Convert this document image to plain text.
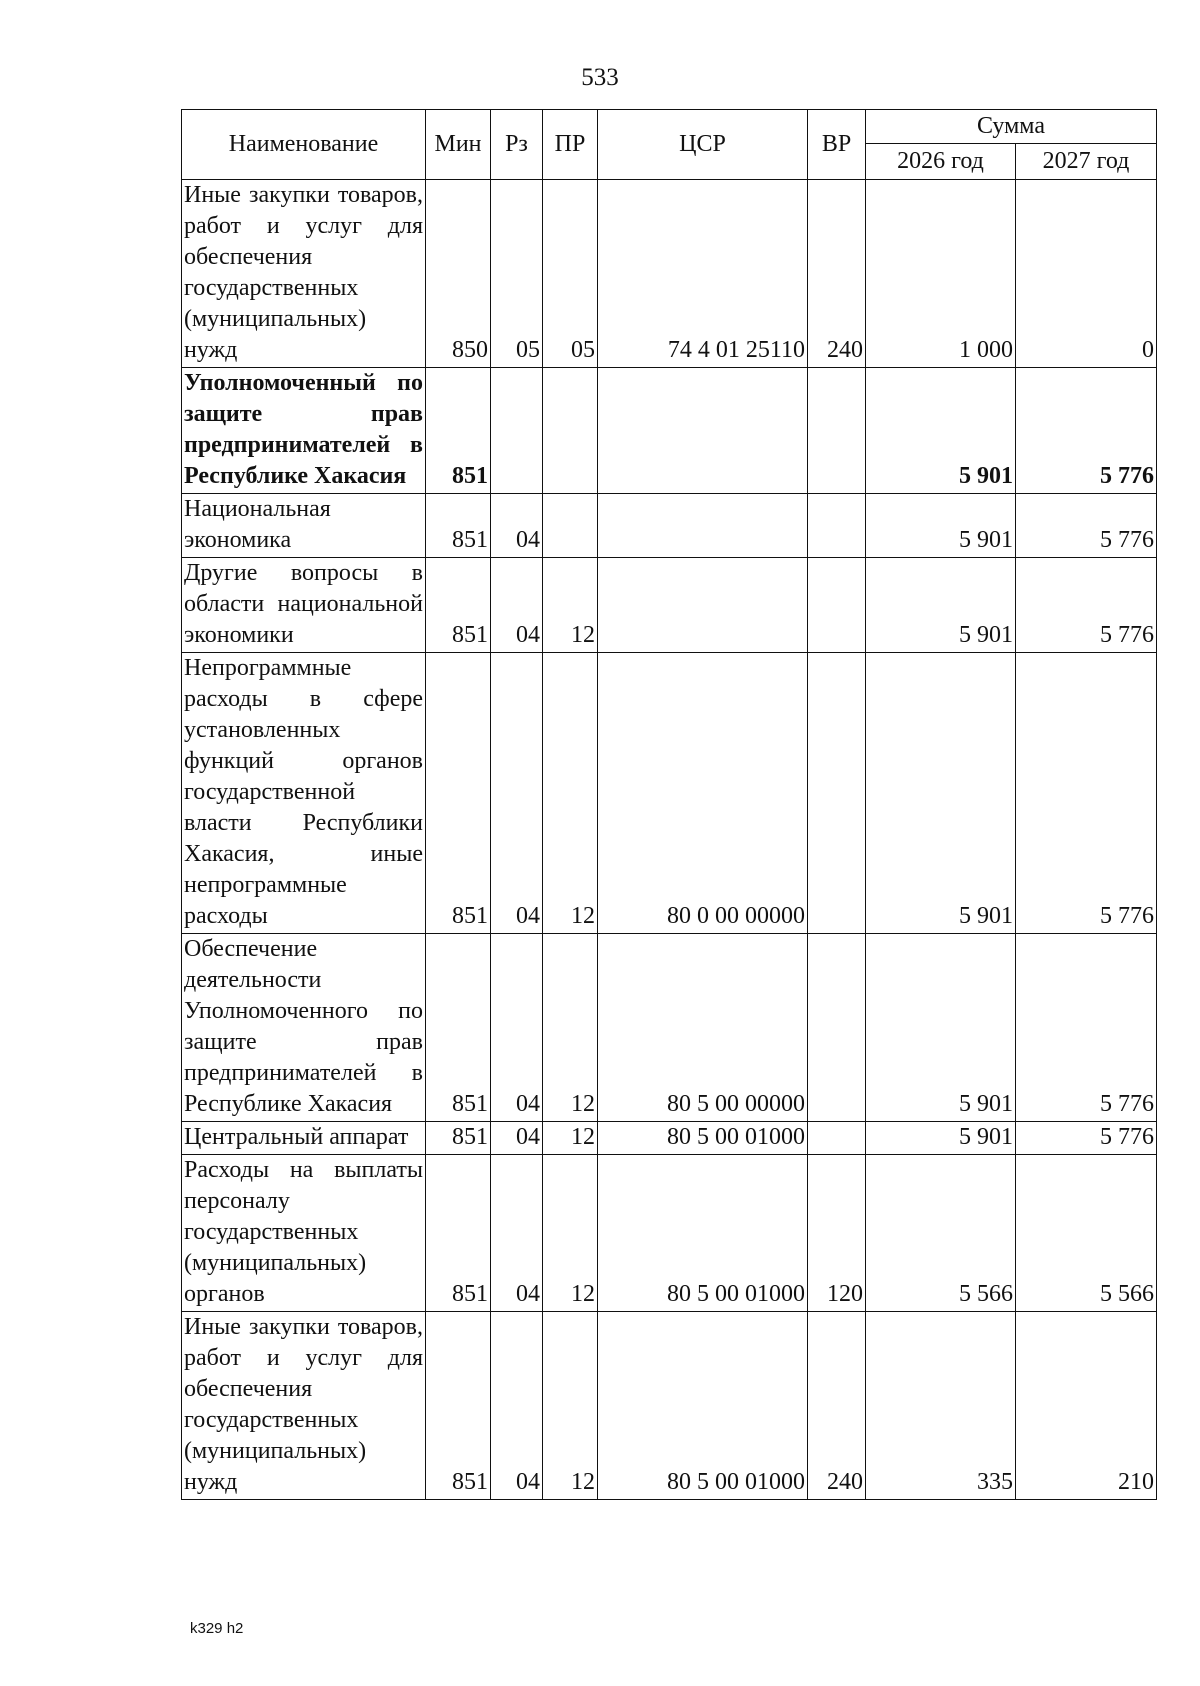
533
Наименование	Мин	Рз	ПР	ЦСР	ВР	Сумма	
						2026 год	2027 год
Иные закупки товаров, работ и услуг для обеспечения государственных (муниципальных) нужд	850	05	05	74 4 01 25110	240	1 000	0
Уполномоченный по защите прав предпринимателей в Республике Хакасия	851					5 901	5 776
Национальная экономика	851	04				5 901	5 776
Другие вопросы в области национальной экономики	851	04	12			5 901	5 776
Непрограммные расходы в сфере установленных функций органов государственной власти Республики Хакасия, иные непрограммные расходы	851	04	12	80 0 00 00000		5 901	5 776
Обеспечение деятельности Уполномоченного по защите прав предпринимателей в Республике Хакасия	851	04	12	80 5 00 00000		5 901	5 776
Центральный аппарат	851	04	12	80 5 00 01000		5 901	5 776
Расходы на выплаты персоналу государственных (муниципальных) органов	851	04	12	80 5 00 01000	120	5 566	5 566
Иные закупки товаров, работ и услуг для обеспечения государственных (муниципальных) нужд	851	04	12	80 5 00 01000	240	335	210
k329 h2
